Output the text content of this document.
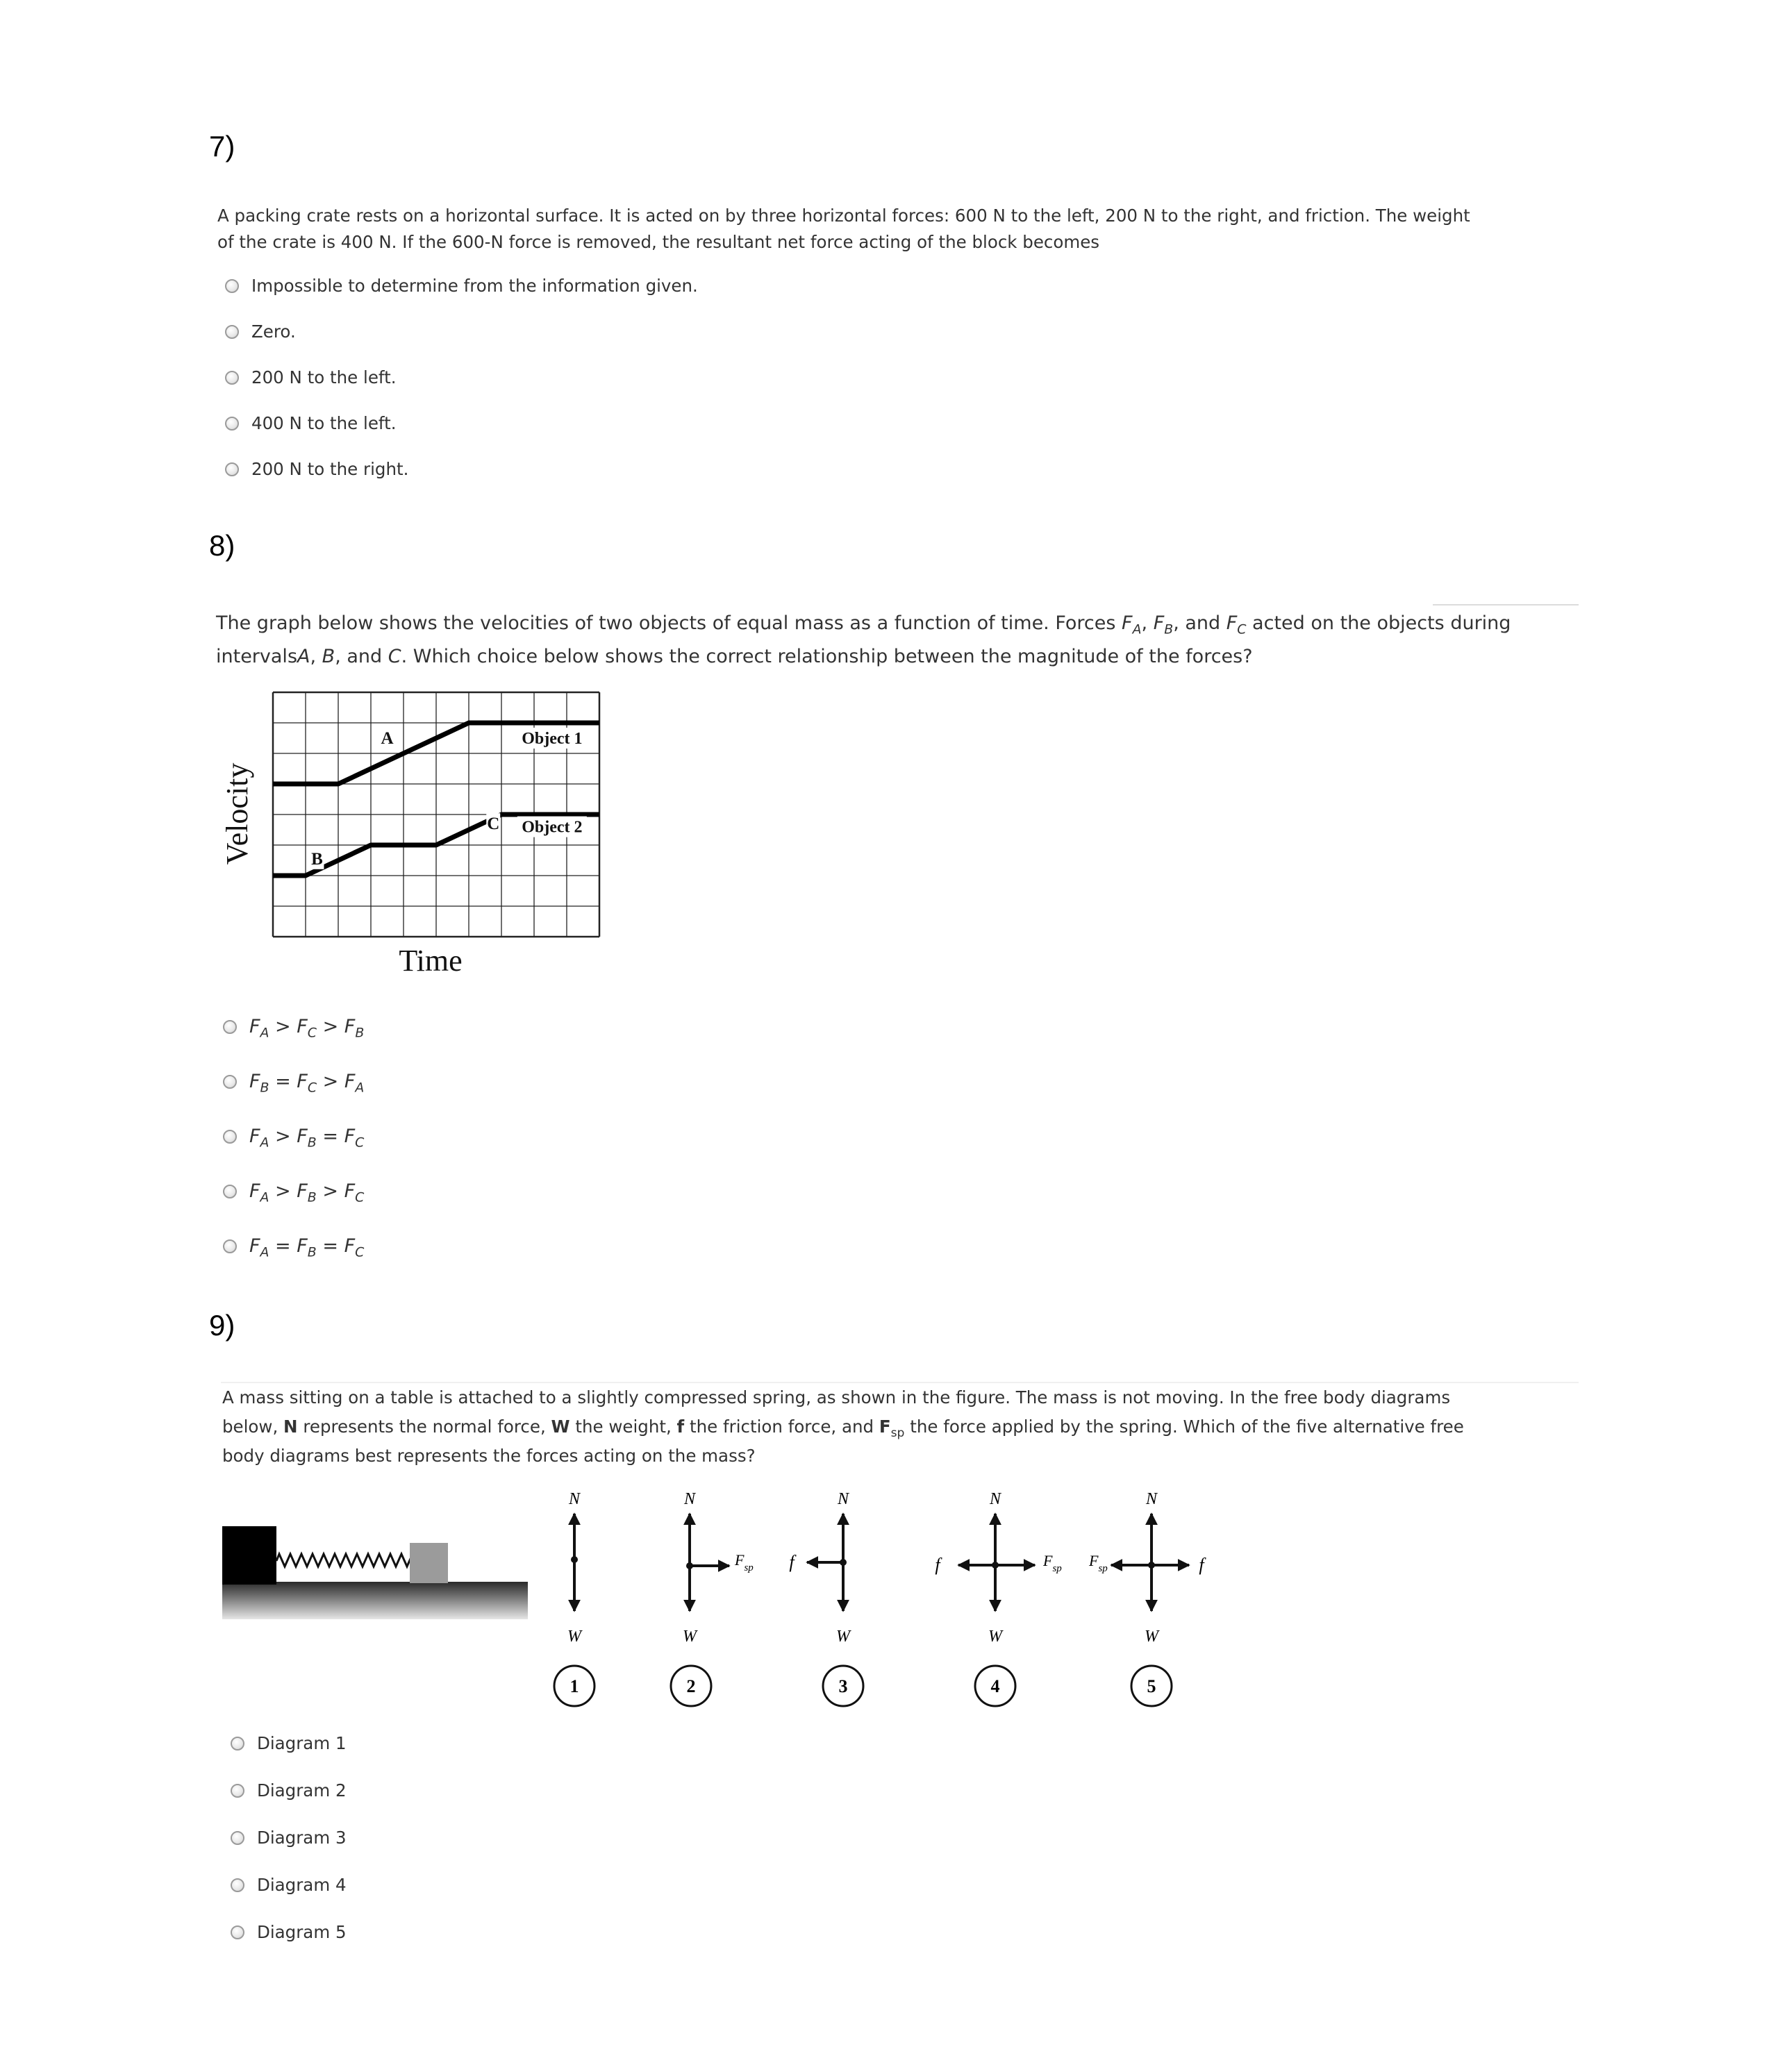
7)
A packing crate rests on a horizontal surface. It is acted on by three horizontal forces: 600 N to the left, 200 N to the right, and friction. The weight
of the crate is 400 N. If the 600-N force is removed, the resultant net force acting of the block becomes
Impossible to determine from the information given.
Zero.
200 N to the left.
400 N to the left.
200 N to the right.
8)
The graph below shows the velocities of two objects of equal mass as a function of time. Forces $F_A$, $F_B$, and $F_C$ acted on the objects during
intervalsA, B, and C. Which choice below shows the correct relationship between the magnitude of the forces?
A
B
C
Object 1
Object 2
Velocity
Time
$F_A > F_C > F_B$
$F_B = F_C > F_A$
$F_A > F_B = F_C$
$F_A > F_B > F_C$
$F_A = F_B = F_C$
9)
A mass sitting on a table is attached to a slightly compressed spring, as shown in the figure. The mass is not moving. In the free body diagrams
below, N represents the normal force, W the weight, f the friction force, and $F_{sp}$ the force applied by the spring. Which of the five alternative free
body diagrams best represents the forces acting on the mass?
N
W
1
N
$F_{sp}$
W
2
N
f
W
3
N
f	$F_{sp}$
W
4
N
$F_{sp}$	f
W
5
Diagram 1
Diagram 2
Diagram 3
Diagram 4
Diagram 5
